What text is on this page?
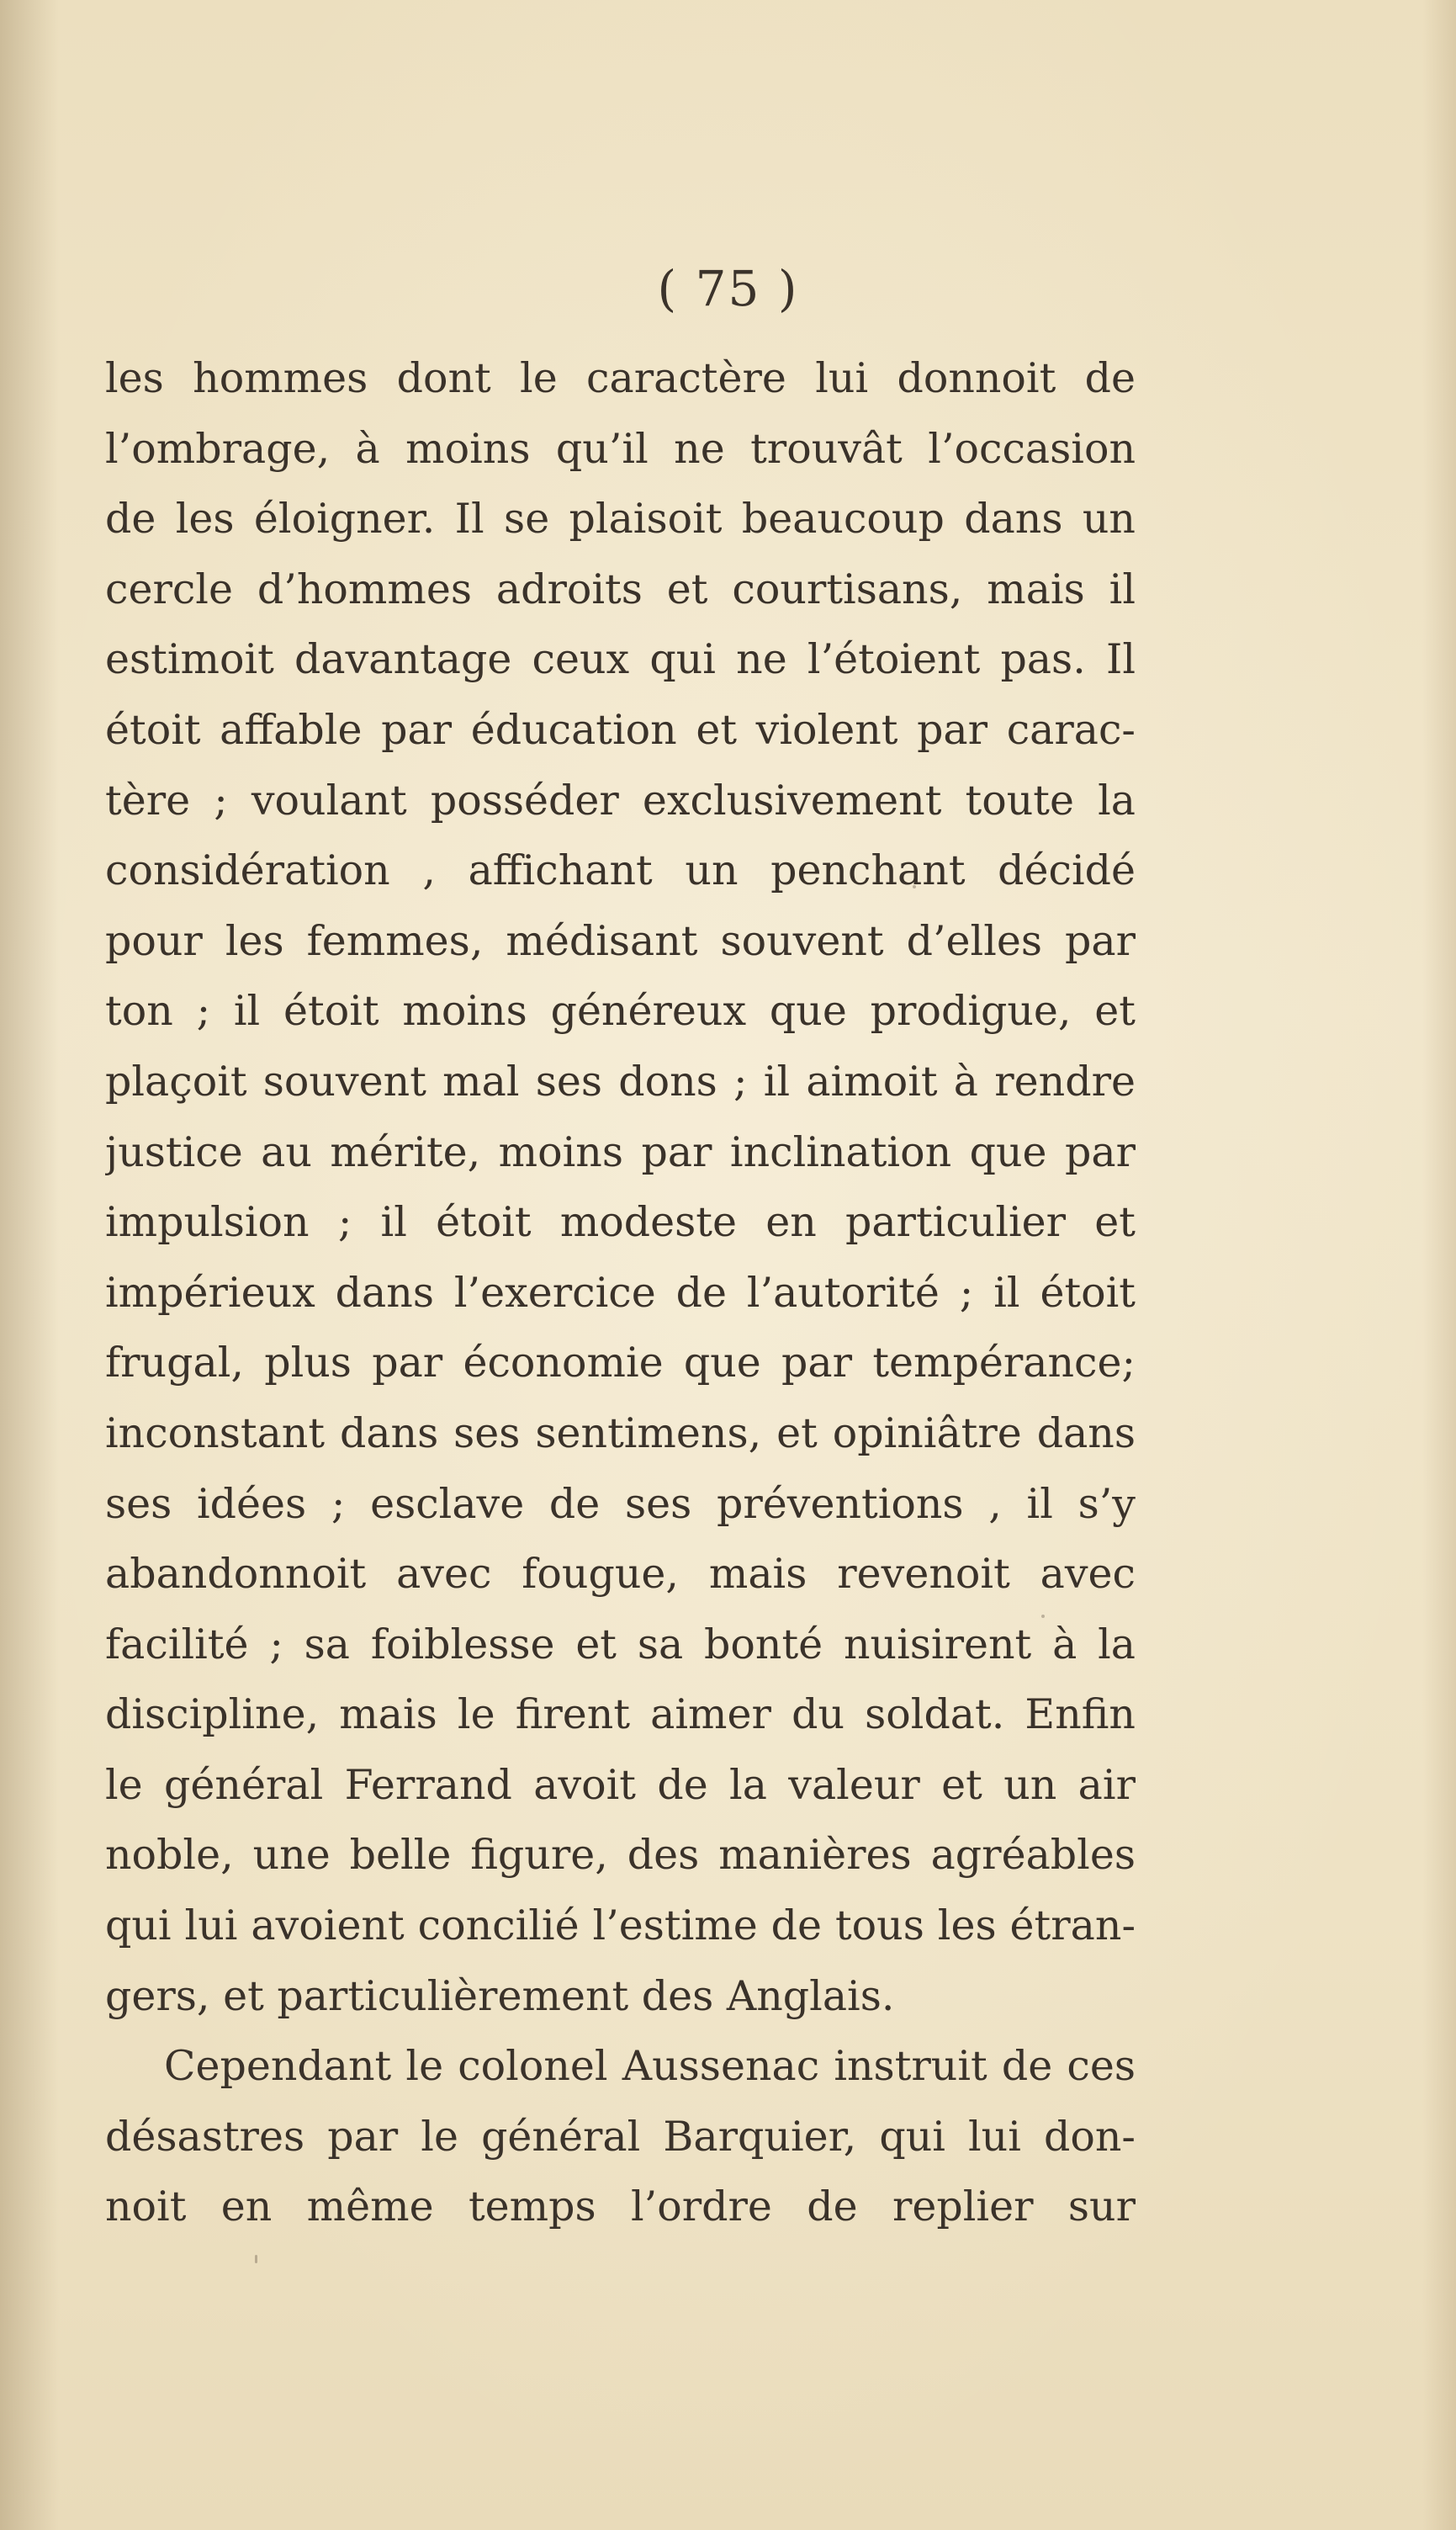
( 75 )
les hommes dont le caractère lui donnoit de
l’ombrage, à moins qu’il ne trouvât l’occasion
de les éloigner. Il se plaisoit beaucoup dans un
cercle d’hommes adroits et courtisans, mais il
estimoit davantage ceux qui ne l’étoient pas. Il
étoit affable par éducation et violent par carac-
tère ; voulant posséder exclusivement toute la
considération , affichant un penchant décidé
pour les femmes, médisant souvent d’elles par
ton ; il étoit moins généreux que prodigue, et
plaçoit souvent mal ses dons ; il aimoit à rendre
justice au mérite, moins par inclination que par
impulsion ; il étoit modeste en particulier et
impérieux dans l’exercice de l’autorité ; il étoit
frugal, plus par économie que par tempérance;
inconstant dans ses sentimens, et opiniâtre dans
ses idées ; esclave de ses préventions , il s’y
abandonnoit avec fougue, mais revenoit avec
facilité ; sa foiblesse et sa bonté nuisirent à la
discipline, mais le firent aimer du soldat. Enfin
le général Ferrand avoit de la valeur et un air
noble, une belle figure, des manières agréables
qui lui avoient concilié l’estime de tous les étran-
gers, et particulièrement des Anglais.
Cependant le colonel Aussenac instruit de ces
désastres par le général Barquier, qui lui don-
noit en même temps l’ordre de replier sur
